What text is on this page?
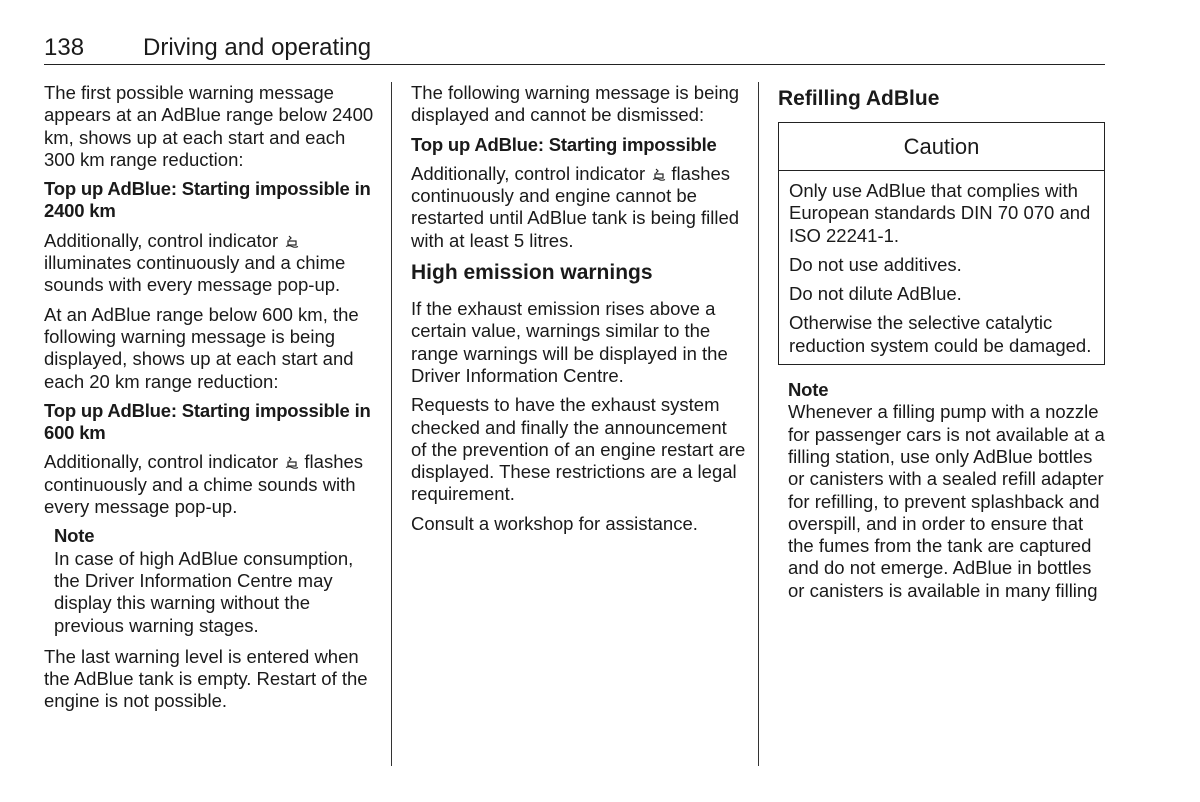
138 Driving and operating

The first possible warning message appears at an AdBlue range below 2400 km, shows up at each start and each 300 km range reduction:

Top up AdBlue: Starting impossible in 2400 km

Additionally, control indicator  illuminates continuously and a chime sounds with every message pop-up.

At an AdBlue range below 600 km, the following warning message is being displayed, shows up at each start and each 20 km range reduction:

Top up AdBlue: Starting impossible in 600 km

Additionally, control indicator flashes continuously and a chime sounds with every message pop-up.

Note

In case of high AdBlue consumption, the Driver Information Centre may display this warning without the previous warning stages.

The last warning level is entered when the AdBlue tank is empty. Restart of the engine is not possible.

The following warning message is being displayed and cannot be dismissed:

Top up AdBlue: Starting impossible

Additionally, control indicator flashes continuously and engine cannot be restarted until AdBlue tank is being filled with at least 5 litres.

High emission warnings

If the exhaust emission rises above a certain value, warnings similar to the range warnings will be displayed in the Driver Information Centre.

Requests to have the exhaust system checked and finally the announcement of the prevention of an engine restart are displayed. These restrictions are a legal requirement.

Consult a workshop for assistance.

Refilling AdBlue
Caution

Only use AdBlue that complies with European standards DIN 70 070 and ISO 22241-1.

Do not use additives.

Do not dilute AdBlue.

Otherwise the selective catalytic reduction system could be damaged.

Note

Whenever a filling pump with a nozzle for passenger cars is not available at a filling station, use only AdBlue bottles or canisters with a sealed refill adapter for refilling, to prevent splashback and overspill, and in order to ensure that the fumes from the tank are captured and do not emerge. AdBlue in bottles or canisters is available in many filling
